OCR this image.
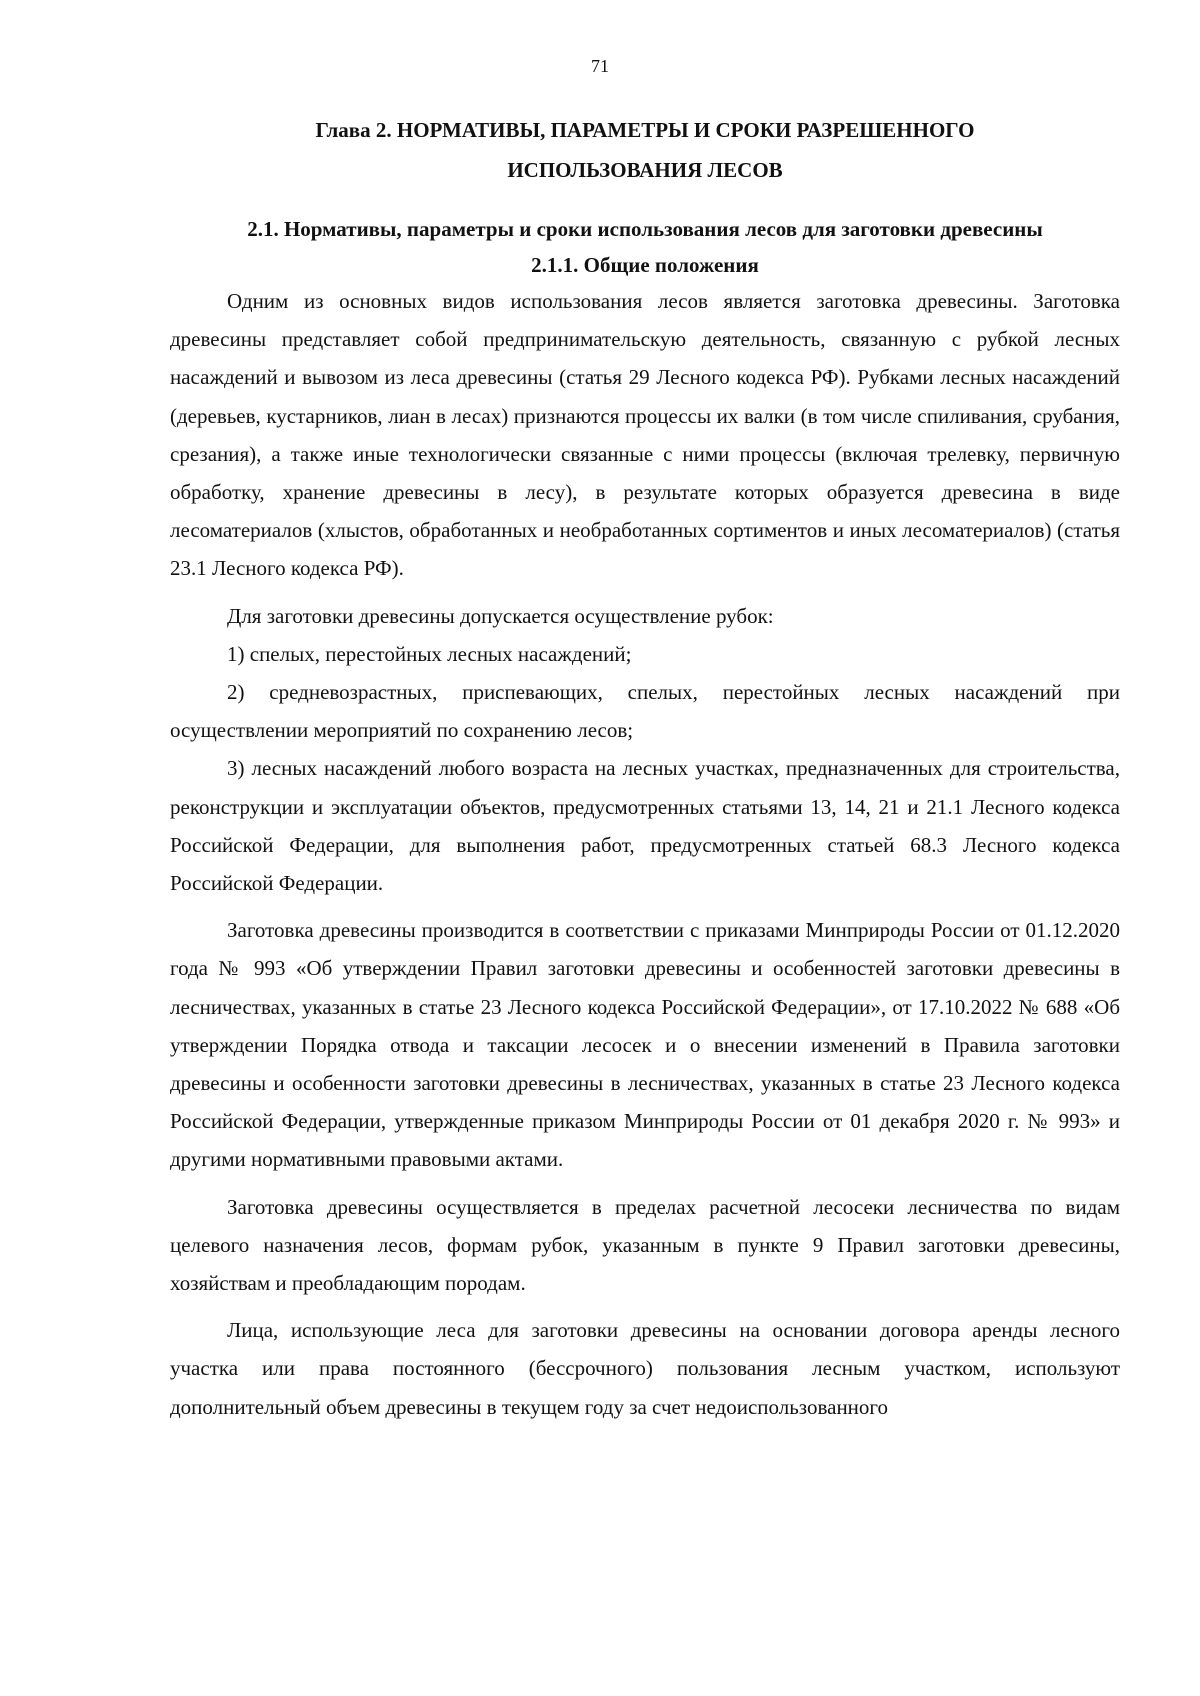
71
Глава 2. НОРМАТИВЫ, ПАРАМЕТРЫ И СРОКИ РАЗРЕШЕННОГО
ИСПОЛЬЗОВАНИЯ ЛЕСОВ
2.1. Нормативы, параметры и сроки использования лесов для заготовки древесины
2.1.1. Общие положения

Одним из основных видов использования лесов является заготовка древесины. Заготовка древесины представляет собой предпринимательскую деятельность, связанную с рубкой лесных насаждений и вывозом из леса древесины (статья 29 Лесного кодекса РФ). Рубками лесных насаждений (деревьев, кустарников, лиан в лесах) признаются процессы их валки (в том числе спиливания, срубания, срезания), а также иные технологически связанные с ними процессы (включая трелевку, первичную обработку, хранение древесины в лесу), в результате которых образуется древесина в виде лесоматериалов (хлыстов, обработанных и необработанных сортиментов и иных лесоматериалов) (статья 23.1 Лесного кодекса РФ).

Для заготовки древесины допускается осуществление рубок:

1) спелых, перестойных лесных насаждений;

2) средневозрастных, приспевающих, спелых, перестойных лесных насаждений при осуществлении мероприятий по сохранению лесов;

3) лесных насаждений любого возраста на лесных участках, предназначенных для строительства, реконструкции и эксплуатации объектов, предусмотренных статьями 13, 14, 21 и 21.1 Лесного кодекса Российской Федерации, для выполнения работ, предусмотренных статьей 68.3 Лесного кодекса Российской Федерации.

Заготовка древесины производится в соответствии с приказами Минприроды России от 01.12.2020 года № 993 «Об утверждении Правил заготовки древесины и особенностей заготовки древесины в лесничествах, указанных в статье 23 Лесного кодекса Российской Федерации», от 17.10.2022 № 688 «Об утверждении Порядка отвода и таксации лесосек и о внесении изменений в Правила заготовки древесины и особенности заготовки древесины в лесничествах, указанных в статье 23 Лесного кодекса Российской Федерации, утвержденные приказом Минприроды России от 01 декабря 2020 г. № 993» и другими нормативными правовыми актами.

Заготовка древесины осуществляется в пределах расчетной лесосеки лесничества по видам целевого назначения лесов, формам рубок, указанным в пункте 9 Правил заготовки древесины, хозяйствам и преобладающим породам.

Лица, использующие леса для заготовки древесины на основании договора аренды лесного участка или права постоянного (бессрочного) пользования лесным участком, используют дополнительный объем древесины в текущем году за счет недоиспользованного
